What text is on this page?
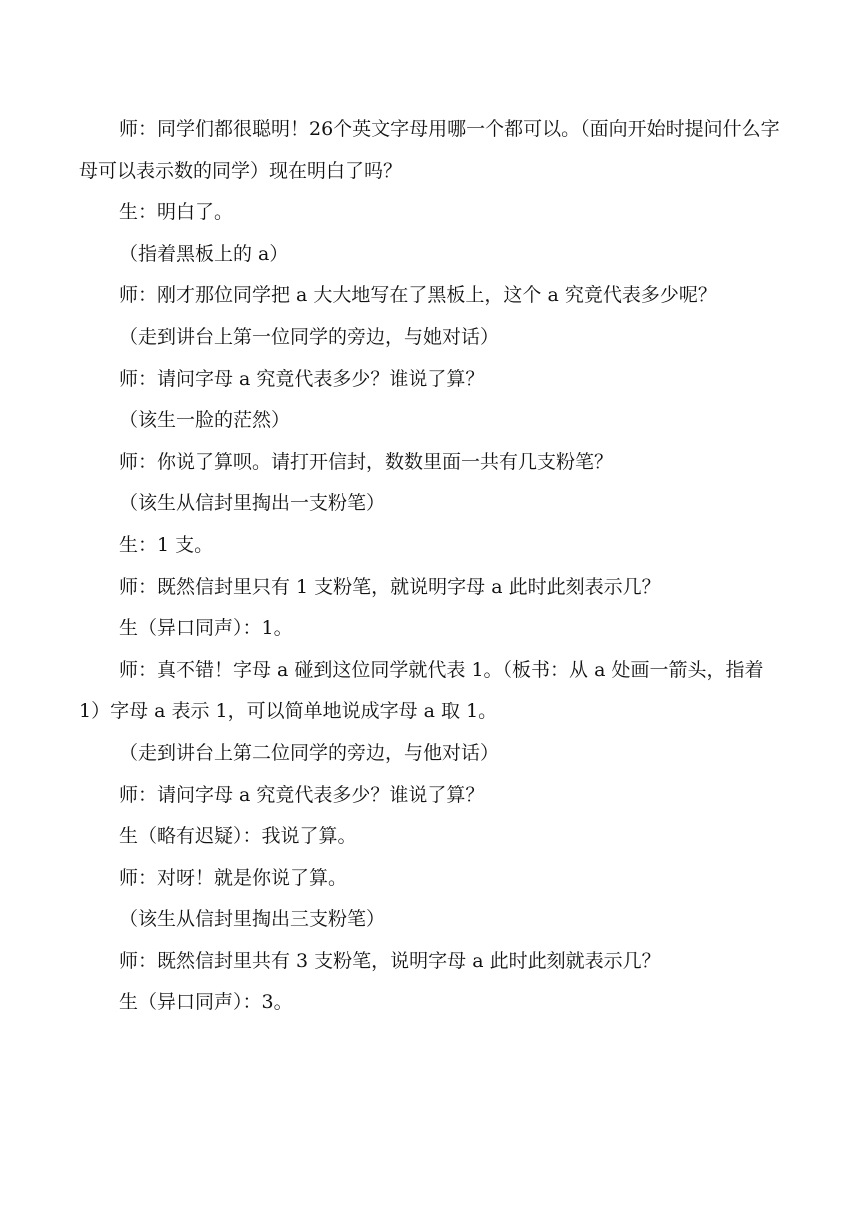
师：同学们都很聪明！26个英文字母用哪一个都可以。（面向开始时提问什么字母可以表示数的同学）现在明白了吗？

生：明白了。

（指着黑板上的 a）

师：刚才那位同学把 a 大大地写在了黑板上，这个 a 究竟代表多少呢？

（走到讲台上第一位同学的旁边，与她对话）

师：请问字母 a 究竟代表多少？谁说了算？

（该生一脸的茫然）

师：你说了算呗。请打开信封，数数里面一共有几支粉笔？

（该生从信封里掏出一支粉笔）

生：1 支。

师：既然信封里只有 1 支粉笔，就说明字母 a 此时此刻表示几？

生（异口同声）：1。

师：真不错！字母 a 碰到这位同学就代表 1。（板书：从 a 处画一箭头，指着 1）字母 a 表示 1，可以简单地说成字母 a 取 1。

（走到讲台上第二位同学的旁边，与他对话）

师：请问字母 a 究竟代表多少？谁说了算？

生（略有迟疑）：我说了算。

师：对呀！就是你说了算。

（该生从信封里掏出三支粉笔）

师：既然信封里共有 3 支粉笔，说明字母 a 此时此刻就表示几？

生（异口同声）：3。
